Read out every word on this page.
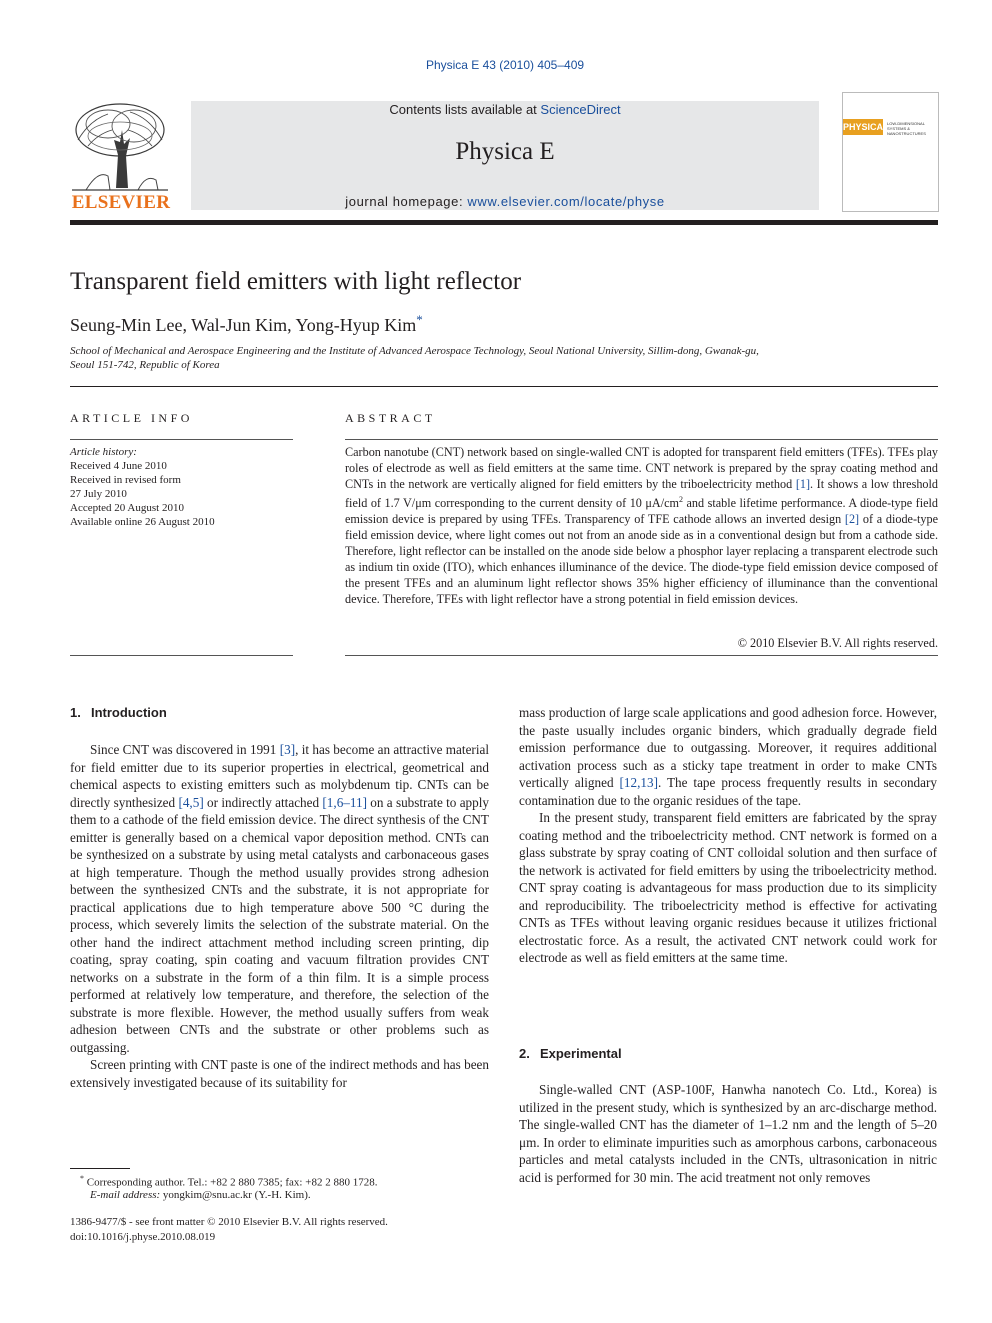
Physica E 43 (2010) 405–409
ELSEVIER
Contents lists available at ScienceDirect
Physica E
journal homepage: www.elsevier.com/locate/physe
PHYSICA E
LOW-DIMENSIONAL SYSTEMS & NANOSTRUCTURES
Transparent field emitters with light reflector
Seung-Min Lee, Wal-Jun Kim, Yong-Hyup Kim*
School of Mechanical and Aerospace Engineering and the Institute of Advanced Aerospace Technology, Seoul National University, Sillim-dong, Gwanak-gu,
Seoul 151-742, Republic of Korea
ARTICLE INFO
Article history:
Received 4 June 2010
Received in revised form
27 July 2010
Accepted 20 August 2010
Available online 26 August 2010
ABSTRACT
Carbon nanotube (CNT) network based on single-walled CNT is adopted for transparent field emitters (TFEs). TFEs play roles of electrode as well as field emitters at the same time. CNT network is prepared by the spray coating method and CNTs in the network are vertically aligned for field emitters by the triboelectricity method [1]. It shows a low threshold field of 1.7 V/μm corresponding to the current density of 10 $\mu A/cm^2$ and stable lifetime performance. A diode-type field emission device is prepared by using TFEs. Transparency of TFE cathode allows an inverted design [2] of a diode-type field emission device, where light comes out not from an anode side as in a conventional design but from a cathode side. Therefore, light reflector can be installed on the anode side below a phosphor layer replacing a transparent electrode such as indium tin oxide (ITO), which enhances illuminance of the device. The diode-type field emission device composed of the present TFEs and an aluminum light reflector shows 35% higher efficiency of illuminance than the conventional device. Therefore, TFEs with light reflector have a strong potential in field emission devices.
© 2010 Elsevier B.V. All rights reserved.
1.  Introduction

Since CNT was discovered in 1991 [3], it has become an attractive material for field emitter due to its superior properties in electrical, geometrical and chemical aspects to existing emitters such as molybdenum tip. CNTs can be directly synthesized [4,5] or indirectly attached [1,6–11] on a substrate to apply them to a cathode of the field emission device. The direct synthesis of the CNT emitter is generally based on a chemical vapor deposition method. CNTs can be synthesized on a substrate by using metal catalysts and carbonaceous gases at high temperature. Though the method usually provides strong adhesion between the synthesized CNTs and the substrate, it is not appropriate for practical applications due to high temperature above 500 °C during the process, which severely limits the selection of the substrate material. On the other hand the indirect attachment method including screen printing, dip coating, spray coating, spin coating and vacuum filtration provides CNT networks on a substrate in the form of a thin film. It is a simple process performed at relatively low temperature, and therefore, the selection of the substrate is more flexible. However, the method usually suffers from weak adhesion between CNTs and the substrate or other problems such as outgassing.

Screen printing with CNT paste is one of the indirect methods and has been extensively investigated because of its suitability for

mass production of large scale applications and good adhesion force. However, the paste usually includes organic binders, which gradually degrade field emission performance due to outgassing. Moreover, it requires additional activation process such as a sticky tape treatment in order to make CNTs vertically aligned [12,13]. The tape process frequently results in secondary contamination due to the organic residues of the tape.

In the present study, transparent field emitters are fabricated by the spray coating method and the triboelectricity method. CNT network is formed on a glass substrate by spray coating of CNT colloidal solution and then surface of the network is activated for field emitters by using the triboelectricity method. CNT spray coating is advantageous for mass production due to its simplicity and reproducibility. The triboelectricity method is effective for activating CNTs as TFEs without leaving organic residues because it utilizes frictional electrostatic force. As a result, the activated CNT network could work for electrode as well as field emitters at the same time.

2.  Experimental

Single-walled CNT (ASP-100F, Hanwha nanotech Co. Ltd., Korea) is utilized in the present study, which is synthesized by an arc-discharge method. The single-walled CNT has the diameter of 1–1.2 nm and the length of 5–20 μm. In order to eliminate impurities such as amorphous carbons, carbonaceous particles and metal catalysts included in the CNTs, ultrasonication in nitric acid is performed for 30 min. The acid treatment not only removes

* Corresponding author. Tel.: +82 2 880 7385; fax: +82 2 880 1728.
E-mail address: yongkim@snu.ac.kr (Y.-H. Kim).
1386-9477/$ - see front matter © 2010 Elsevier B.V. All rights reserved.
doi:10.1016/j.physe.2010.08.019
